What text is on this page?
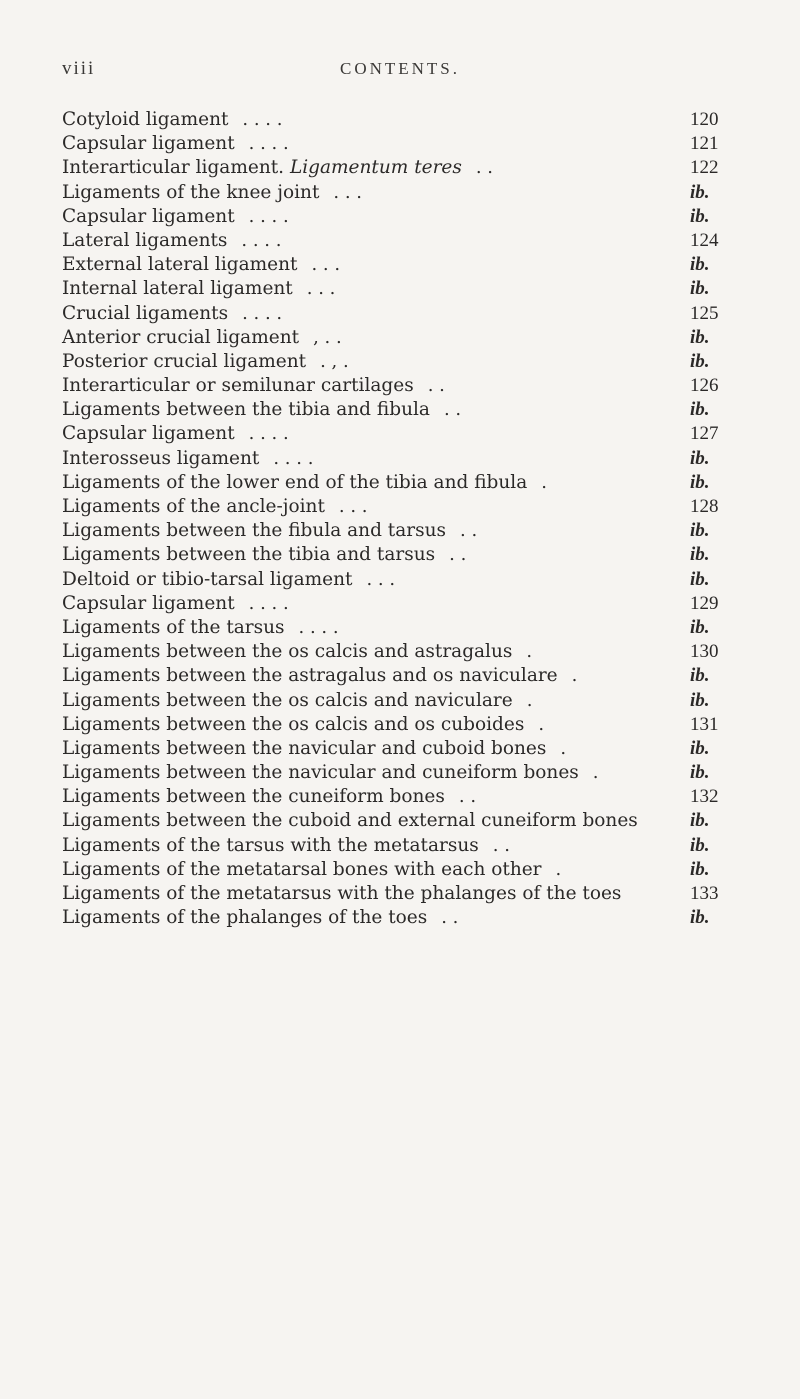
viii	CONTENTS.
Cotyloid ligament . . . .	120
Capsular ligament . . . .	121
Interarticular ligament. Ligamentum teres . .	122
Ligaments of the knee joint . . .	ib.
Capsular ligament . . . .	ib.
Lateral ligaments . . . .	124
External lateral ligament . . .	ib.
Internal lateral ligament . . .	ib.
Crucial ligaments . . . .	125
Anterior crucial ligament , . .	ib.
Posterior crucial ligament . , .	ib.
Interarticular or semilunar cartilages . .	126
Ligaments between the tibia and fibula . .	ib.
Capsular ligament . . . .	127
Interosseus ligament . . . .	ib.
Ligaments of the lower end of the tibia and fibula .	ib.
Ligaments of the ancle-joint . . .	128
Ligaments between the fibula and tarsus . .	ib.
Ligaments between the tibia and tarsus . .	ib.
Deltoid or tibio-tarsal ligament . . .	ib.
Capsular ligament . . . .	129
Ligaments of the tarsus . . . .	ib.
Ligaments between the os calcis and astragalus .	130
Ligaments between the astragalus and os naviculare .	ib.
Ligaments between the os calcis and naviculare .	ib.
Ligaments between the os calcis and os cuboides .	131
Ligaments between the navicular and cuboid bones .	ib.
Ligaments between the navicular and cuneiform bones .	ib.
Ligaments between the cuneiform bones . .	132
Ligaments between the cuboid and external cuneiform bones	ib.
Ligaments of the tarsus with the metatarsus . .	ib.
Ligaments of the metatarsal bones with each other .	ib.
Ligaments of the metatarsus with the phalanges of the toes	133
Ligaments of the phalanges of the toes . .	ib.
